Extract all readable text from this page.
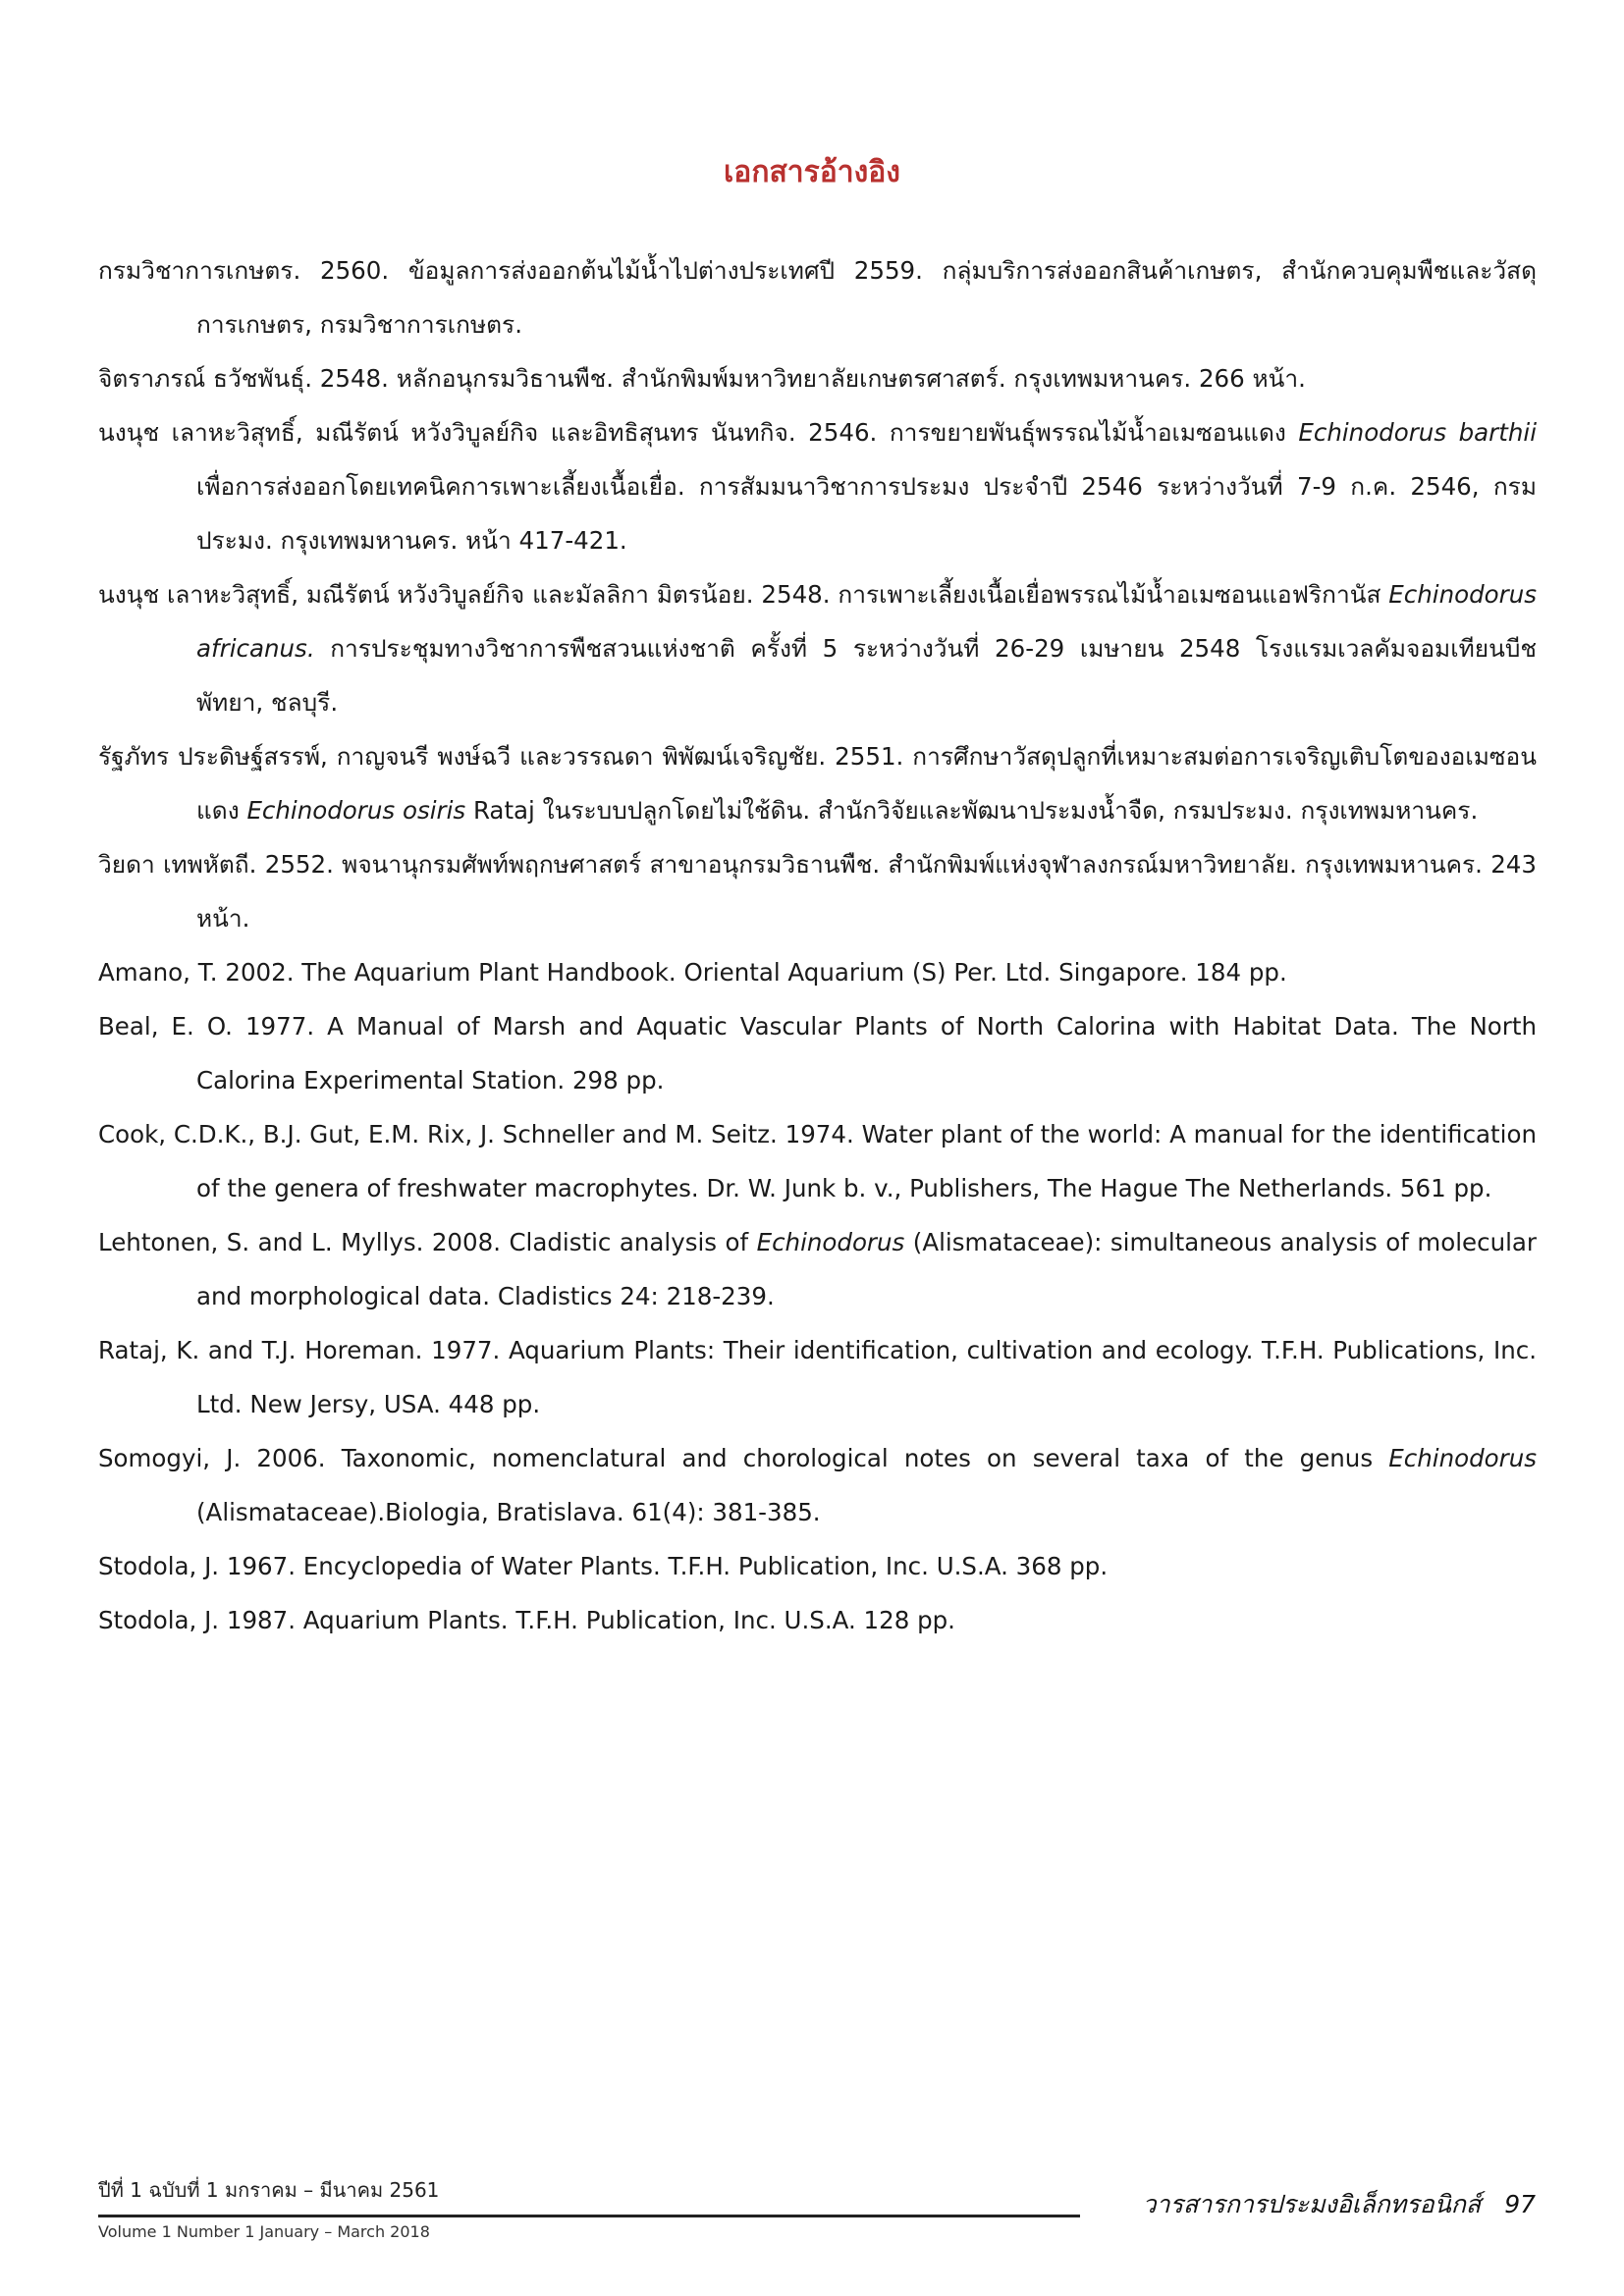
เอกสารอ้างอิง

กรมวิชาการเกษตร. 2560. ข้อมูลการส่งออกต้นไม้น้ำไปต่างประเทศปี 2559. กลุ่มบริการส่งออกสินค้าเกษตร, สำนักควบคุมพืชและวัสดุการเกษตร, กรมวิชาการเกษตร.

จิตราภรณ์ ธวัชพันธุ์. 2548. หลักอนุกรมวิธานพืช. สำนักพิมพ์มหาวิทยาลัยเกษตรศาสตร์. กรุงเทพมหานคร. 266 หน้า.

นงนุช เลาหะวิสุทธิ์, มณีรัตน์ หวังวิบูลย์กิจ และอิทธิสุนทร นันทกิจ. 2546. การขยายพันธุ์พรรณไม้น้ำอเมซอนแดง Echinodorus barthii เพื่อการส่งออกโดยเทคนิคการเพาะเลี้ยงเนื้อเยื่อ. การสัมมนาวิชาการประมง ประจำปี 2546 ระหว่างวันที่ 7-9 ก.ค. 2546, กรมประมง. กรุงเทพมหานคร. หน้า 417-421.

นงนุช เลาหะวิสุทธิ์, มณีรัตน์ หวังวิบูลย์กิจ และมัลลิกา มิตรน้อย. 2548. การเพาะเลี้ยงเนื้อเยื่อพรรณไม้น้ำอเมซอนแอฟริกานัส Echinodorus africanus. การประชุมทางวิชาการพืชสวนแห่งชาติ ครั้งที่ 5 ระหว่างวันที่ 26-29 เมษายน 2548 โรงแรมเวลคัมจอมเทียนบีช พัทยา, ชลบุรี.

รัฐภัทร ประดิษฐ์สรรพ์, กาญจนรี พงษ์ฉวี และวรรณดา พิพัฒน์เจริญชัย. 2551. การศึกษาวัสดุปลูกที่เหมาะสมต่อการเจริญเติบโตของอเมซอนแดง Echinodorus osiris Rataj ในระบบปลูกโดยไม่ใช้ดิน. สำนักวิจัยและพัฒนาประมงน้ำจืด, กรมประมง. กรุงเทพมหานคร.

วิยดา เทพหัตถี. 2552. พจนานุกรมศัพท์พฤกษศาสตร์ สาขาอนุกรมวิธานพืช. สำนักพิมพ์แห่งจุฬาลงกรณ์มหาวิทยาลัย. กรุงเทพมหานคร. 243 หน้า.

Amano, T. 2002. The Aquarium Plant Handbook. Oriental Aquarium (S) Per. Ltd. Singapore. 184 pp.

Beal, E. O. 1977. A Manual of Marsh and Aquatic Vascular Plants of North Calorina with Habitat Data. The North Calorina Experimental Station. 298 pp.

Cook, C.D.K., B.J. Gut, E.M. Rix, J. Schneller and M. Seitz. 1974. Water plant of the world: A manual for the identification of the genera of freshwater macrophytes. Dr. W. Junk b. v., Publishers, The Hague The Netherlands. 561 pp.

Lehtonen, S. and L. Myllys. 2008. Cladistic analysis of Echinodorus (Alismataceae): simultaneous analysis of molecular and morphological data. Cladistics 24: 218-239.

Rataj, K. and T.J. Horeman. 1977. Aquarium Plants: Their identification, cultivation and ecology. T.F.H. Publications, Inc. Ltd. New Jersy, USA. 448 pp.

Somogyi, J. 2006. Taxonomic, nomenclatural and chorological notes on several taxa of the genus Echinodorus (Alismataceae).Biologia, Bratislava. 61(4): 381-385.

Stodola, J. 1967. Encyclopedia of Water Plants. T.F.H. Publication, Inc. U.S.A. 368 pp.

Stodola, J. 1987. Aquarium Plants. T.F.H. Publication, Inc. U.S.A. 128 pp.

ปีที่ 1 ฉบับที่ 1 มกราคม – มีนาคม 2561
Volume 1 Number 1 January – March 2018
วารสารการประมงอิเล็กทรอนิกส์ 97
